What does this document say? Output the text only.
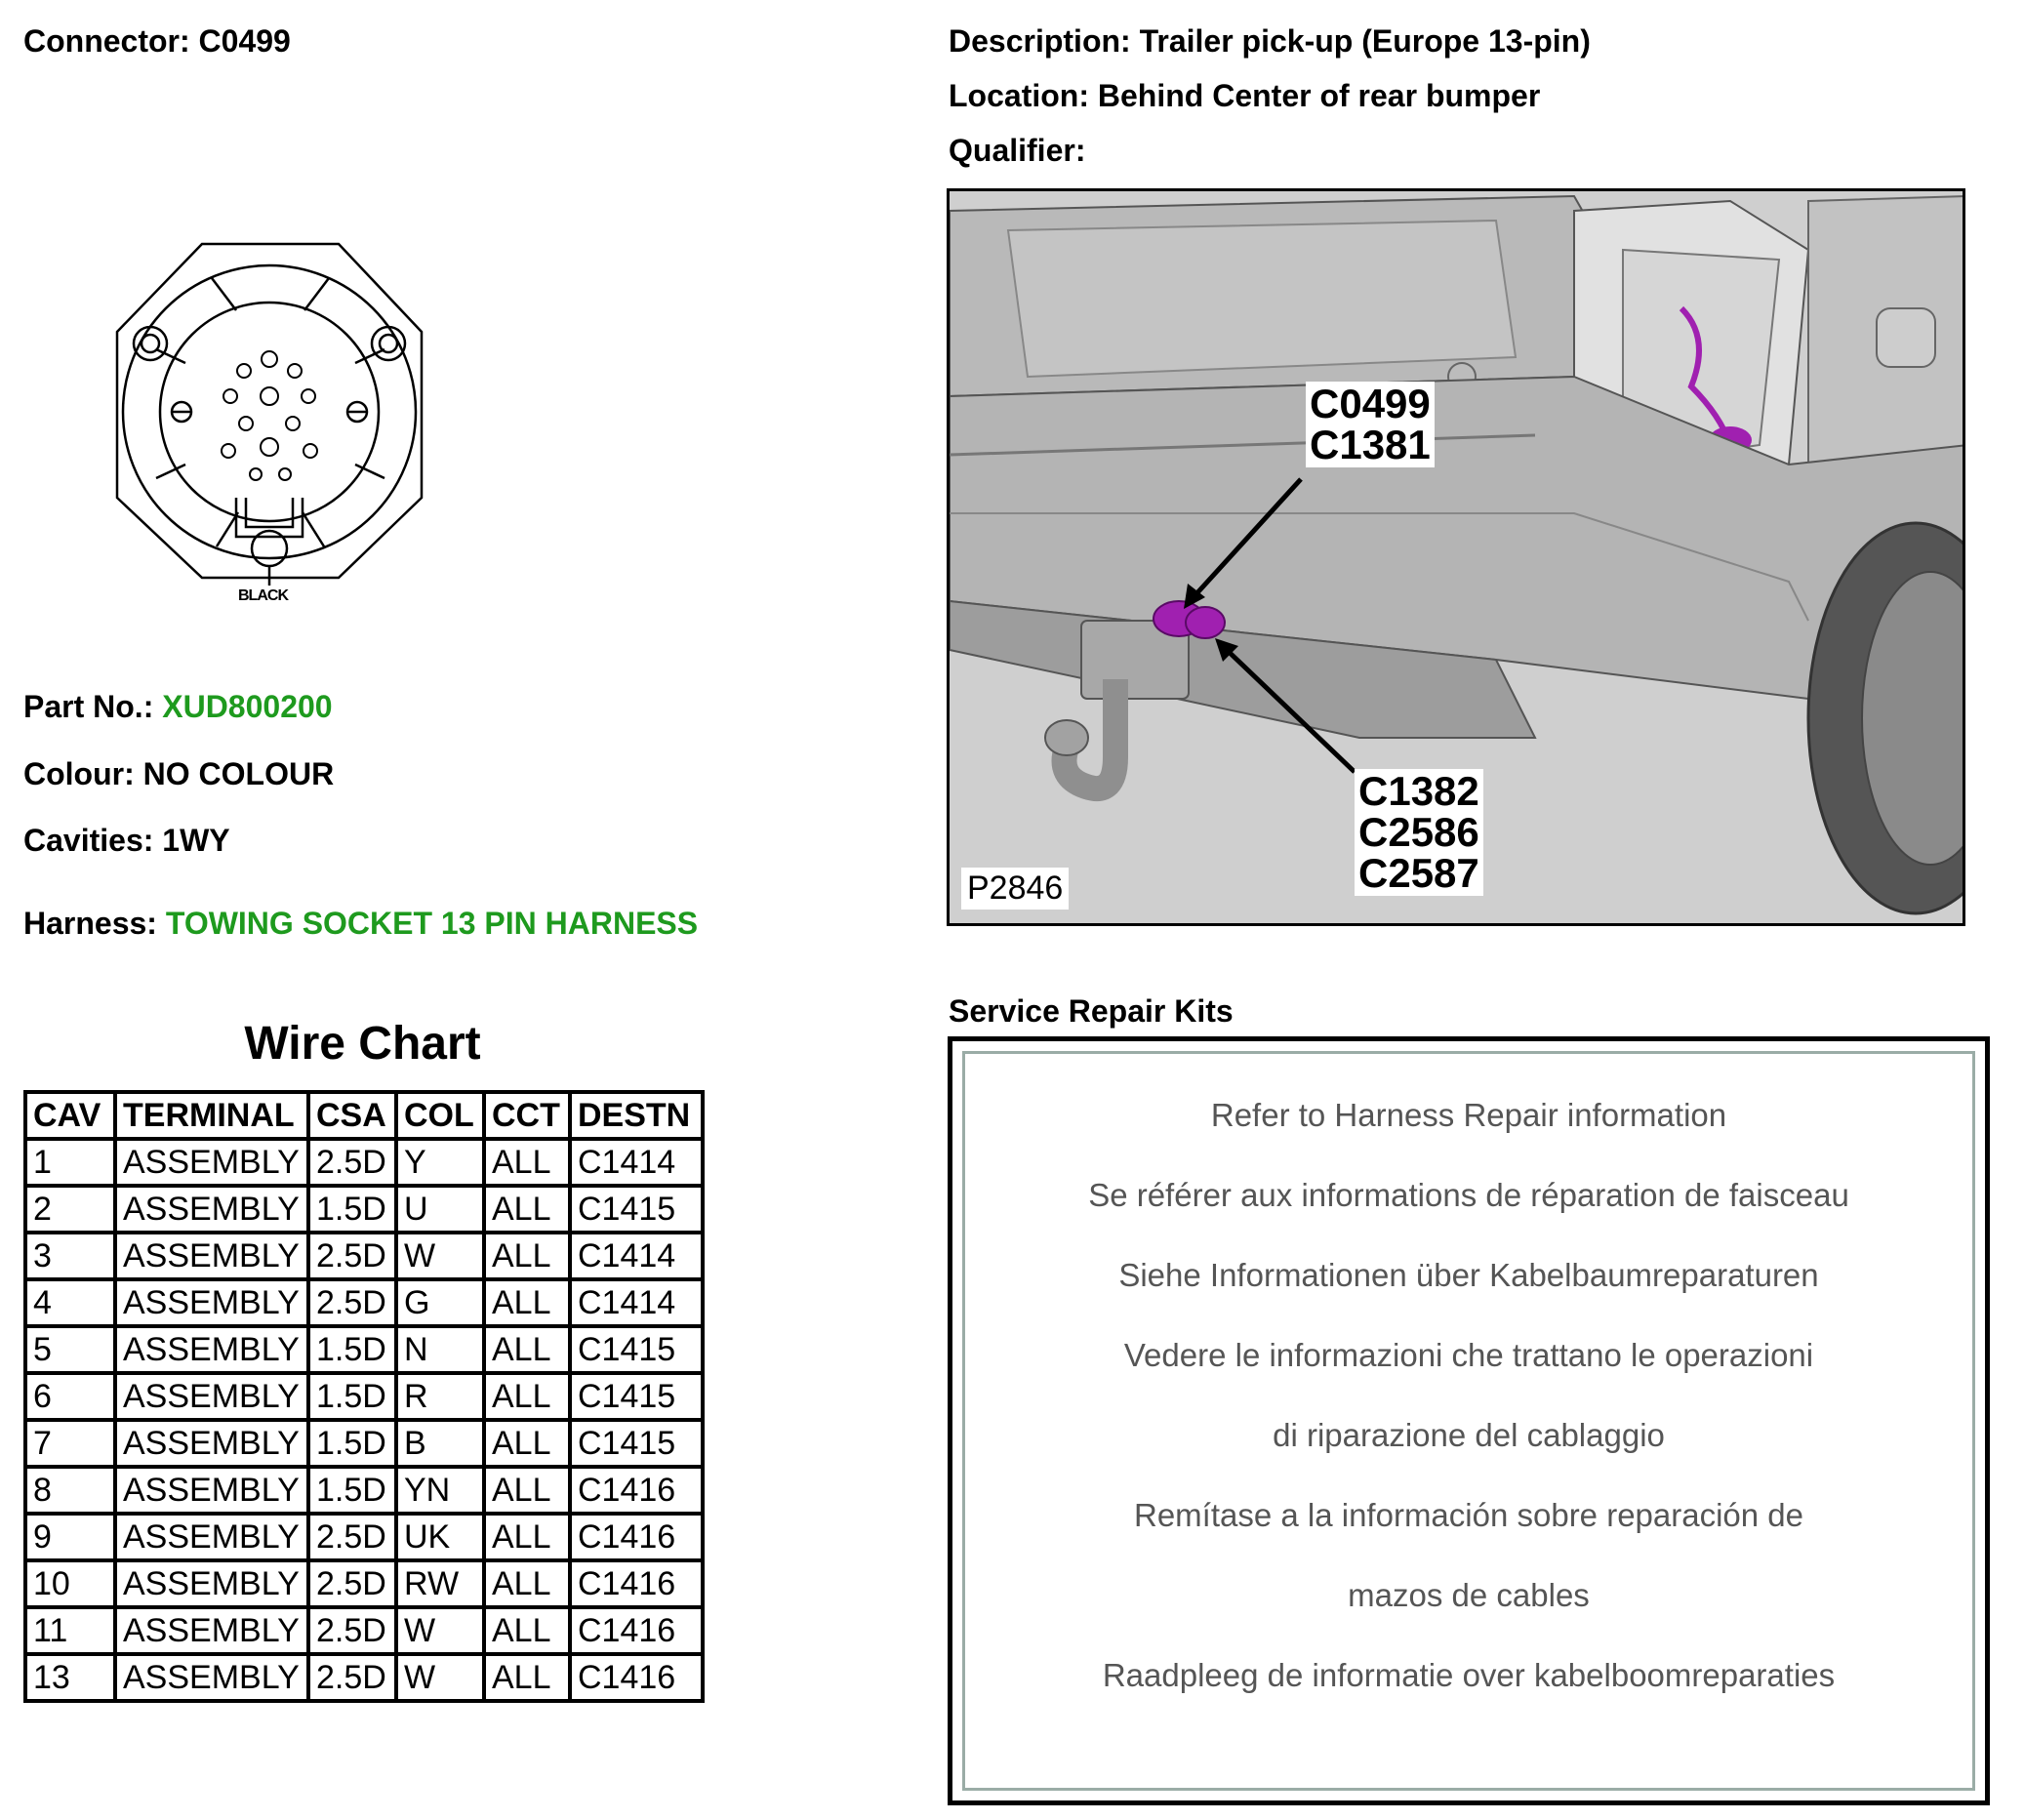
Connector: C0499	Description: Trailer pick-up (Europe 13-pin)
Location: Behind Center of rear bumper
Qualifier:
BLACK
Part No.: XUD800200
Colour: NO COLOUR
Cavities: 1WY
Harness: TOWING SOCKET 13 PIN HARNESS
Wire Chart
CAV	TERMINAL	CSA	COL	CCT	DESTN
1	ASSEMBLY	2.5D	Y	ALL	C1414
2	ASSEMBLY	1.5D	U	ALL	C1415
3	ASSEMBLY	2.5D	W	ALL	C1414
4	ASSEMBLY	2.5D	G	ALL	C1414
5	ASSEMBLY	1.5D	N	ALL	C1415
6	ASSEMBLY	1.5D	R	ALL	C1415
7	ASSEMBLY	1.5D	B	ALL	C1415
8	ASSEMBLY	1.5D	YN	ALL	C1416
9	ASSEMBLY	2.5D	UK	ALL	C1416
10	ASSEMBLY	2.5D	RW	ALL	C1416
11	ASSEMBLY	2.5D	W	ALL	C1416
13	ASSEMBLY	2.5D	W	ALL	C1416
C0499
C1381
C1382
C2586
C2587
P2846
Service Repair Kits
Refer to Harness Repair information
Se référer aux informations de réparation de faisceau
Siehe Informationen über Kabelbaumreparaturen
Vedere le informazioni che trattano le operazioni
di riparazione del cablaggio
Remítase a la información sobre reparación de
mazos de cables
Raadpleeg de informatie over kabelboomreparaties
